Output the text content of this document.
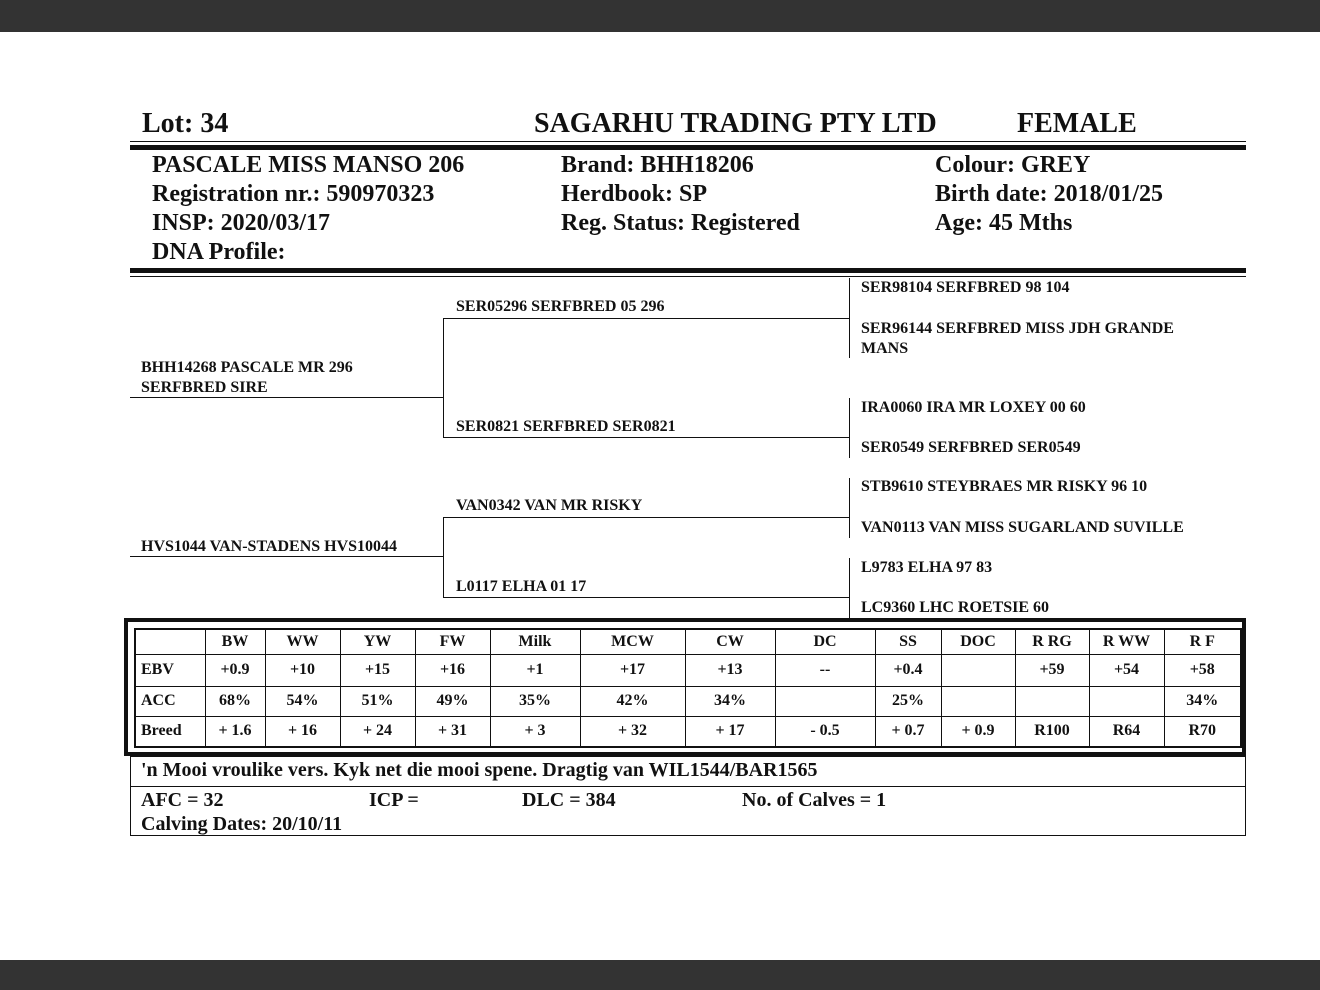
Lot: 34	SAGARHU TRADING PTY LTD	FEMALE
PASCALE MISS MANSO 206
Registration nr.: 590970323
INSP: 2020/03/17
DNA Profile:
Brand: BHH18206
Herdbook: SP
Reg. Status: Registered
Colour: GREY
Birth date: 2018/01/25
Age: 45 Mths
BHH14268 PASCALE MR 296
SERFBRED SIRE
HVS1044 VAN-STADENS HVS10044
SER05296 SERFBRED 05 296
SER0821 SERFBRED SER0821
VAN0342 VAN MR RISKY
L0117 ELHA 01 17
SER98104 SERFBRED 98 104
SER96144 SERFBRED MISS JDH GRANDE
MANS
IRA0060 IRA MR LOXEY 00 60
SER0549 SERFBRED SER0549
STB9610 STEYBRAES MR RISKY 96 10
VAN0113 VAN MISS SUGARLAND SUVILLE
L9783 ELHA 97 83
LC9360 LHC ROETSIE 60
	BW	WW	YW	FW	Milk	MCW	CW	DC	SS	DOC	R RG	R WW	R F
EBV	+0.9	+10	+15	+16	+1	+17	+13	--	+0.4		+59	+54	+58
ACC	68%	54%	51%	49%	35%	42%	34%		25%				34%
Breed	+ 1.6	+ 16	+ 24	+ 31	+ 3	+ 32	+ 17	- 0.5	+ 0.7	+ 0.9	R100	R64	R70
'n Mooi vroulike vers. Kyk net die mooi spene. Dragtig van WIL1544/BAR1565
AFC = 32	ICP =	DLC = 384	No. of Calves = 1
Calving Dates: 20/10/11
